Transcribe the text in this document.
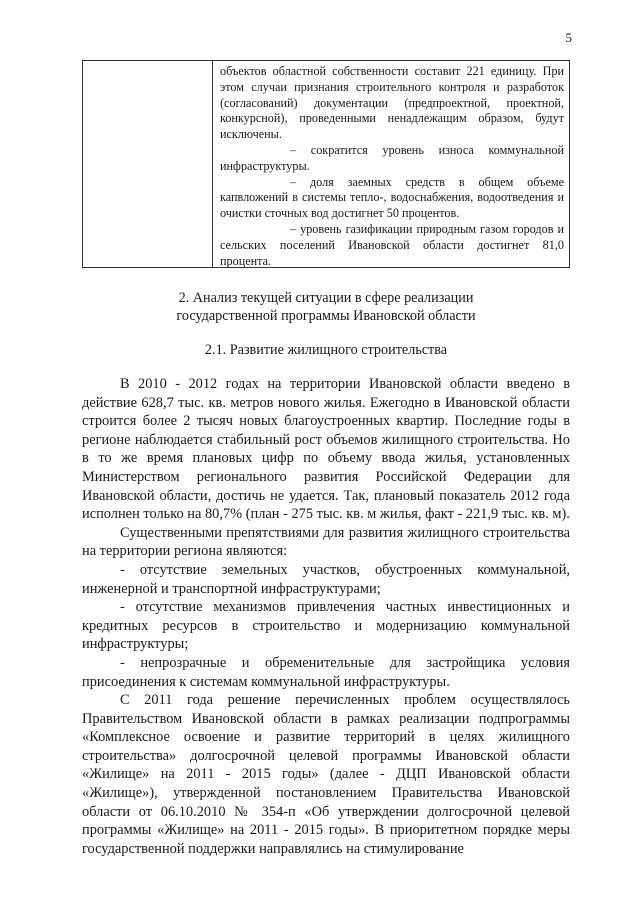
5

объектов областной собственности составит 221 единицу. При этом случаи признания строительного контроля и разработок (согласований) документации (предпроектной, проектной, конкурсной), проведенными ненадлежащим образом, будут исключены.

– сократится уровень износа коммунальной инфраструктуры.

– доля заемных средств в общем объеме капвложений в системы тепло-, водоснабжения, водоотведения и очистки сточных вод достигнет 50 процентов.

– уровень газификации природным газом городов и сельских поселений Ивановской области достигнет 81,0 процента.

2. Анализ текущей ситуации в сфере реализации
государственной программы Ивановской области
2.1. Развитие жилищного строительства

В 2010 - 2012 годах на территории Ивановской области введено в действие 628,7 тыс. кв. метров нового жилья. Ежегодно в Ивановской области строится более 2 тысяч новых благоустроенных квартир. Последние годы в регионе наблюдается стабильный рост объемов жилищного строительства. Но в то же время плановых цифр по объему ввода жилья, установленных Министерством регионального развития Российской Федерации для Ивановской области, достичь не удается. Так, плановый показатель 2012 года исполнен только на 80,7% (план - 275 тыс. кв. м жилья, факт - 221,9 тыс. кв. м).

Существенными препятствиями для развития жилищного строительства на территории региона являются:

- отсутствие земельных участков, обустроенных коммунальной, инженерной и транспортной инфраструктурами;

- отсутствие механизмов привлечения частных инвестиционных и кредитных ресурсов в строительство и модернизацию коммунальной инфраструктуры;

- непрозрачные и обременительные для застройщика условия присоединения к системам коммунальной инфраструктуры.

С 2011 года решение перечисленных проблем осуществлялось Правительством Ивановской области в рамках реализации подпрограммы «Комплексное освоение и развитие территорий в целях жилищного строительства» долгосрочной целевой программы Ивановской области «Жилище» на 2011 - 2015 годы» (далее - ДЦП Ивановской области «Жилище»), утвержденной постановлением Правительства Ивановской области от 06.10.2010 № 354-п «Об утверждении долгосрочной целевой программы «Жилище» на 2011 - 2015 годы». В приоритетном порядке меры государственной поддержки направлялись на стимулирование
